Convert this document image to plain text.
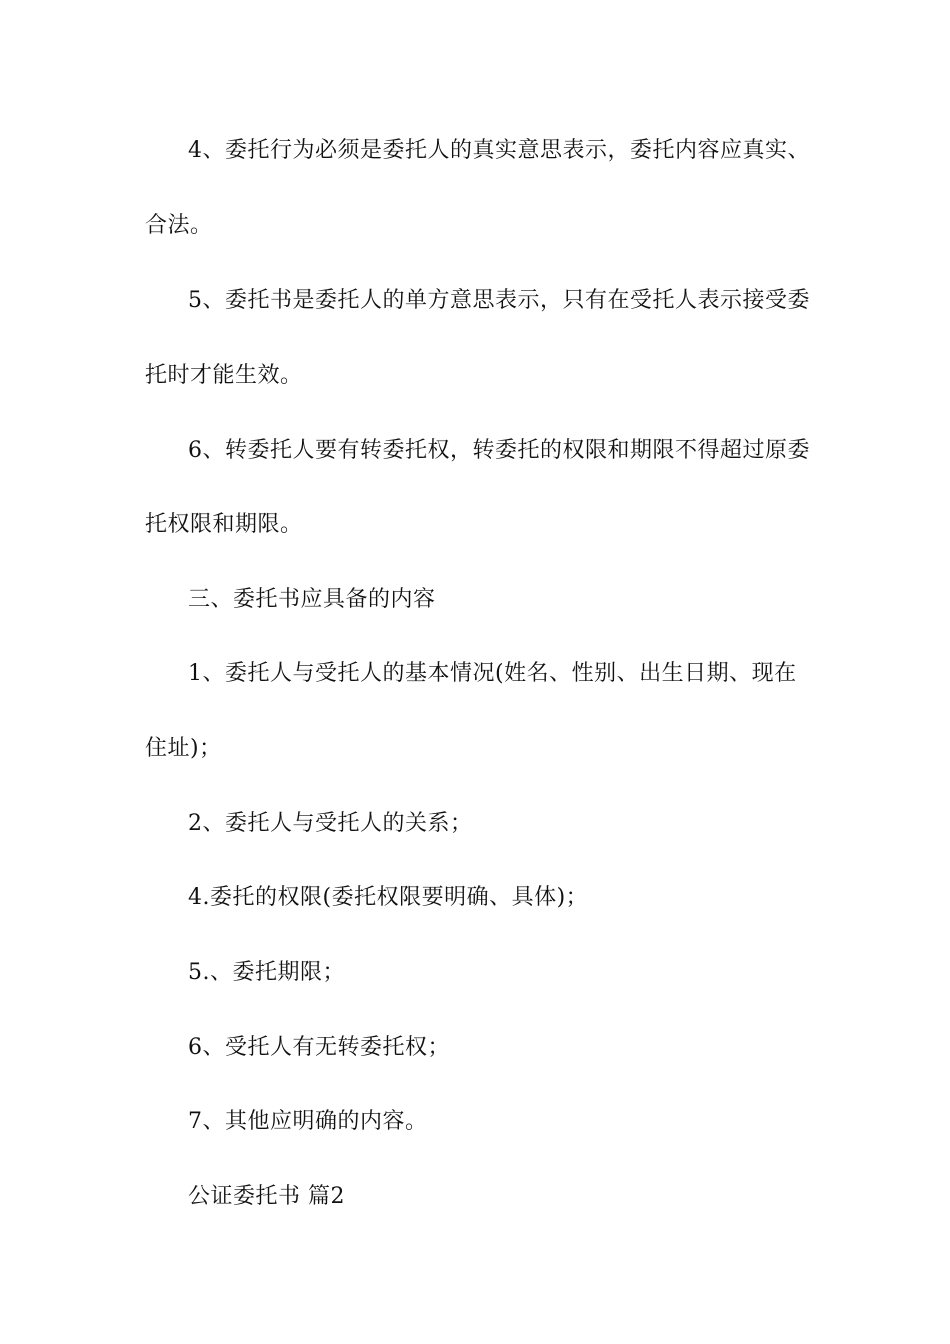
4、委托行为必须是委托人的真实意思表示，委托内容应真实、
合法。
5、委托书是委托人的单方意思表示，只有在受托人表示接受委
托时才能生效。
6、转委托人要有转委托权，转委托的权限和期限不得超过原委
托权限和期限。
三、委托书应具备的内容
1、委托人与受托人的基本情况(姓名、性别、出生日期、现在
住址)；
2、委托人与受托人的关系；
4.委托的权限(委托权限要明确、具体)；
5.、委托期限；
6、受托人有无转委托权；
7、其他应明确的内容。
公证委托书 篇2
